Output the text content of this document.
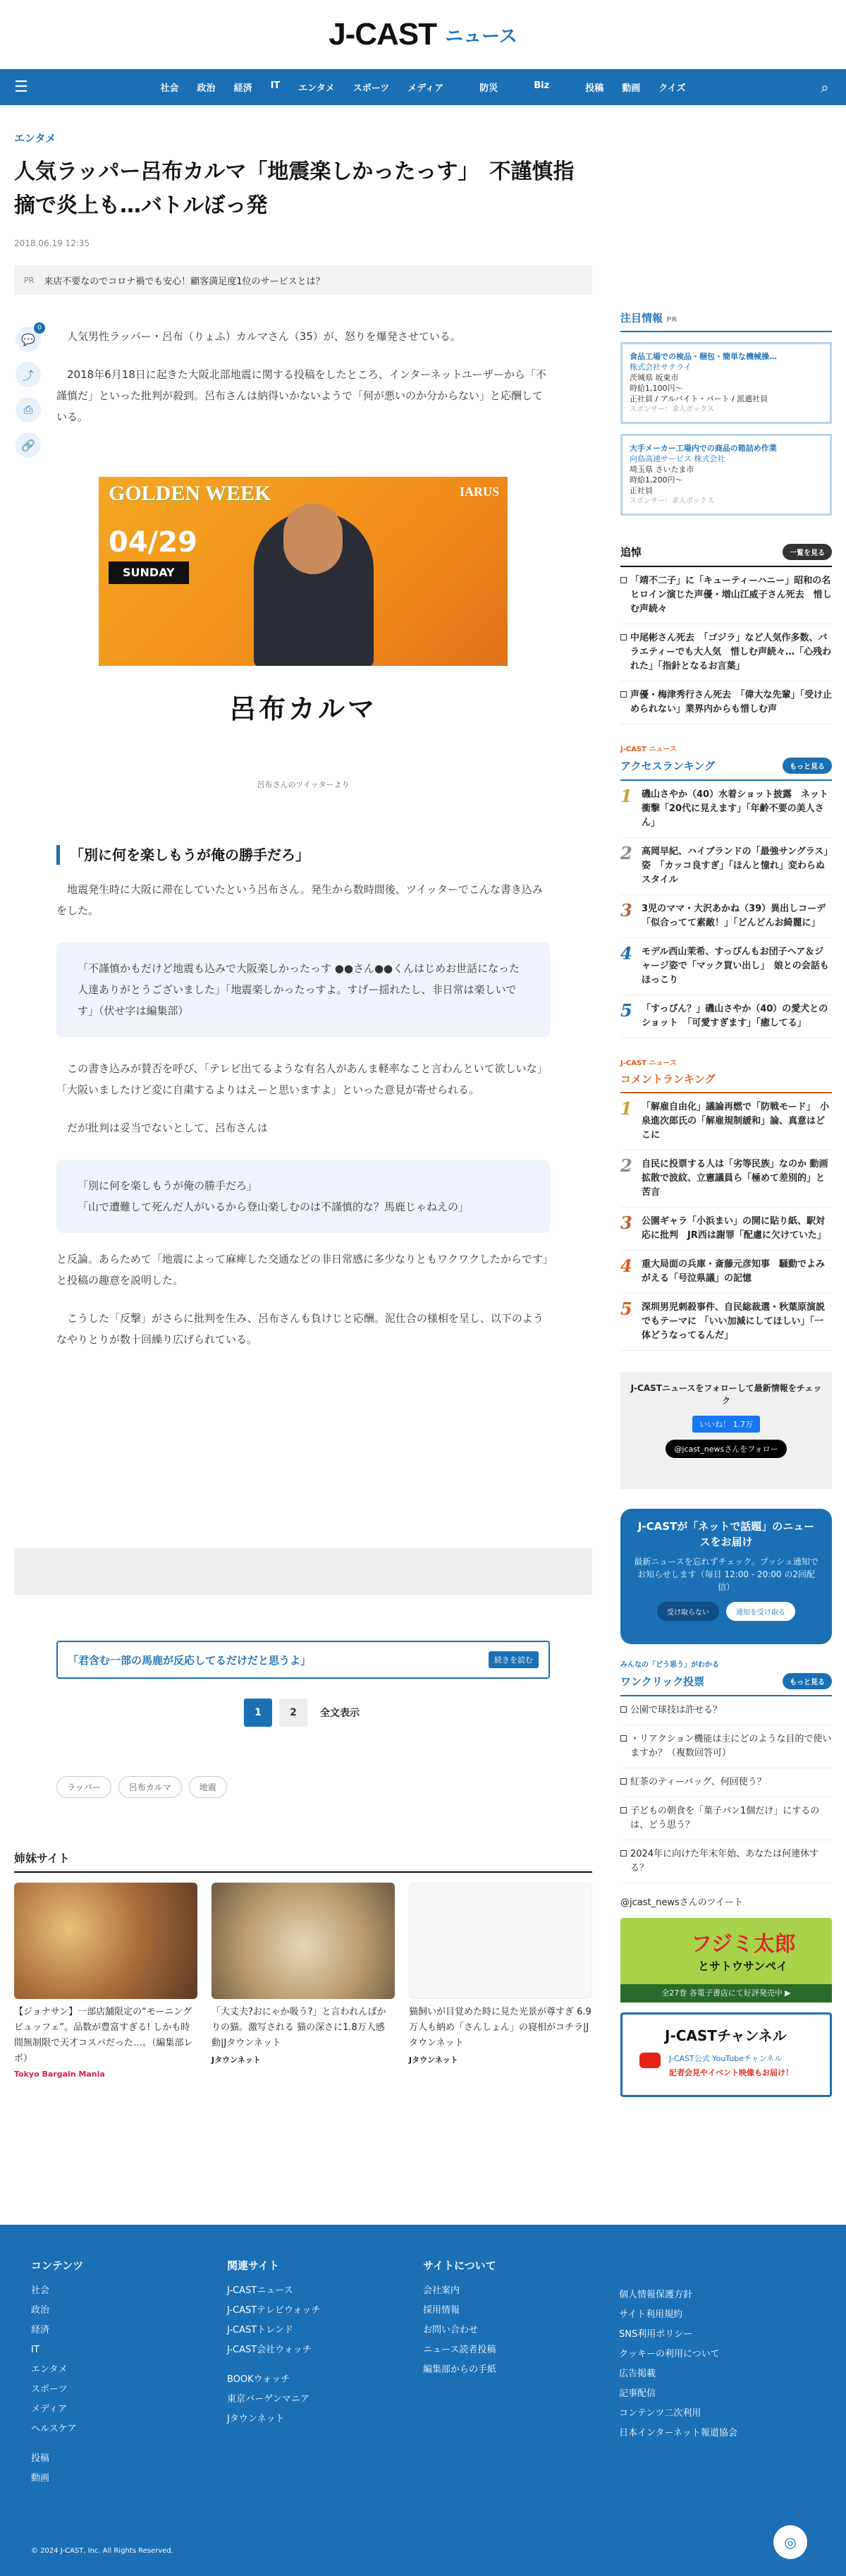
J-CAST ニュース
☰	社会	政治	経済	IT	エンタメ	スポーツ	メディア	防災	Biz	投稿	動画	クイズ	⌕
エンタメ
人気ラッパー呂布カルマ「地震楽しかったっす」　不謹慎指摘で炎上も…バトルぼっ発
2018.06.19 12:35
PR 来店不要なのでコロナ禍でも安心！顧客満足度1位のサービスとは？
💬
0
⤴
⎙
🔗

人気男性ラッパー・呂布（りょふ）カルマさん（35）が、怒りを爆発させている。

2018年6月18日に起きた大阪北部地震に関する投稿をしたところ、インターネットユーザーから「不謹慎だ」といった批判が殺到。呂布さんは納得いかないようで「何が悪いのか分からない」と応酬している。

GOLDEN WEEK	IARUS
04/29
SUNDAY
呂布カルマ
呂布さんのツイッターより
「別に何を楽しもうが俺の勝手だろ」

地震発生時に大阪に滞在していたという呂布さん。発生から数時間後、ツイッターでこんな書き込みをした。

「不謹慎かもだけど地震も込みで大阪楽しかったっす ●●さん●●くんはじめお世話になった人達ありがとうございました」「地震楽しかったっすよ。すげー揺れたし、非日常は楽しいです」（伏せ字は編集部）

この書き込みが賛否を呼び、「テレビ出てるような有名人があんま軽率なこと言わんといて欲しいな」「大阪いましたけど変に自粛するよりはえーと思いますよ」といった意見が寄せられる。

だが批判は妥当でないとして、呂布さんは

「別に何を楽しもうが俺の勝手だろ」

「山で遭難して死んだ人がいるから登山楽しむのは不謹慎的な？馬鹿じゃねえの」

と反論。あらためて「地震によって麻痺した交通などの非日常感に多少なりともワクワクしたからです」と投稿の趣意を説明した。

こうした「反撃」がさらに批判を生み、呂布さんも負けじと応酬。泥仕合の様相を呈し、以下のようなやりとりが数十回繰り広げられている。

「君含む一部の馬鹿が反応してるだけだと思うよ」	続きを読む
1	2	全文表示
ラッパー	呂布カルマ	地震
姉妹サイト
【ジョナサン】一部店舗限定の“モーニングビュッフェ”。品数が豊富すぎる! しかも時間無制限で天才コスパだった…。（編集部レポ）
Tokyo Bargain Mania
「大丈夫?おにゃか吸う?」と言われんばかりの猫。激写される 猫の深さに1.8万人感動|Jタウンネット
Jタウンネット
猫飼いが目覚めた時に見た光景が尊すぎ 6.9万人も納め「さんしょん」の寝相がコチラ|Jタウンネット
Jタウンネット
注目情報 PR
食品工場での検品・梱包・簡単な機械操…
株式会社サテライ
茨城県 坂東市
時給1,100円～
正社員 / アルバイト・パート / 派遣社員
スポンサー：求人ボックス
大手メーカー工場内での商品の箱詰め作業
向島高速サービス 株式会社
埼玉県 さいたま市
時給1,200円～
正社員
スポンサー：求人ボックス
追悼	一覧を見る
「靖不二子」に「キューティーハニー」昭和の名ヒロイン演じた声優・増山江威子さん死去　惜しむ声続々
中尾彬さん死去　「ゴジラ」など人気作多数、バラエティーでも大人気　惜しむ声続々…「心残われた」「指針となるお言葉」
声優・梅津秀行さん死去　「偉大な先輩」「受け止められない」業界内からも惜しむ声
J-CAST ニュース
アクセスランキング	もっと見る
1 磯山さやか（40）水着ショット披露　ネット衝撃「20代に見えます」「年齢不要の美人さん」
2 高岡早紀、ハイブランドの「最強サングラス」姿　「カッコ良すぎ」「ほんと憧れ」変わらぬスタイル
3 3児のママ・大沢あかね（39）異出しコーデ　「似合ってて素敵！」「どんどんお綺麗に」
4 モデル西山茉希、すっぴんもお団子ヘア＆ジャージ姿で「マック買い出し」　娘との会話もほっこり
5 「すっぴん？」磯山さやか（40）の愛犬とのショット　「可愛すぎます」「癒してる」
J-CAST ニュース
コメントランキング
1 「解雇自由化」議論再燃で「防戦モード」　小泉進次郎氏の「解雇規制緩和」論、真意はどこに
2 自民に投票する人は「劣等民族」なのか 動画拡散で波紋、立憲議員ら「極めて差別的」と苦言
3 公園ギャラ「小浜まい」の開に貼り紙、駅対応に批判　JR西は謝罪「配慮に欠けていた」
4 重大局面の兵庫・斎藤元彦知事　騒動でよみがえる「号泣県議」の記憶
5 深圳男児刺殺事件、自民総裁選・秋葉原演説でもテーマに 「いい加減にしてほしい」「一体どうなってるんだ」
J-CASTニュースをフォローして最新情報をチェック
いいね！ 1.7万
@jcast_newsさんをフォロー
J-CASTが「ネットで話題」のニュースをお届け
最新ニュースを忘れずチェック。プッシュ通知でお知らせします（毎日 12:00 - 20:00 の2回配信）
受け取らない	通知を受け取る
みんなの「どう思う」がわかる
ワンクリック投票	もっと見る
公園で球技は許せる？
・リアクション機能は主にどのような目的で使いますか？（複数回答可）
紅茶のティーバッグ、何回使う？
子どもの朝食を「菓子パン1個だけ」にするのは、どう思う？
2024年に向けた年末年始、あなたは何連休する？
@jcast_newsさんのツイート
フジミ太郎
とサトウサンペイ
全27巻 各電子書店にて好評発売中 ▶
J-CASTチャンネル
J-CAST公式 YouTubeチャンネル
記者会見やイベント映像もお届け！
コンテンツ
社会
政治
経済
IT
エンタメ
スポーツ
メディア
ヘルスケア
投稿
動画
関連サイト
J-CASTニュース
J-CASTテレビウォッチ
J-CASTトレンド
J-CAST会社ウォッチ
BOOKウォッチ
東京バーゲンマニア
Jタウンネット
サイトについて
会社案内
採用情報
お問い合わせ
ニュース読者投稿
編集部からの手紙
個人情報保護方針
サイト利用規約
SNS利用ポリシー
クッキーの利用について
広告掲載
記事配信
コンテンツ二次利用
日本インターネット報道協会
© 2024 J-CAST, Inc. All Rights Reserved.
◎
